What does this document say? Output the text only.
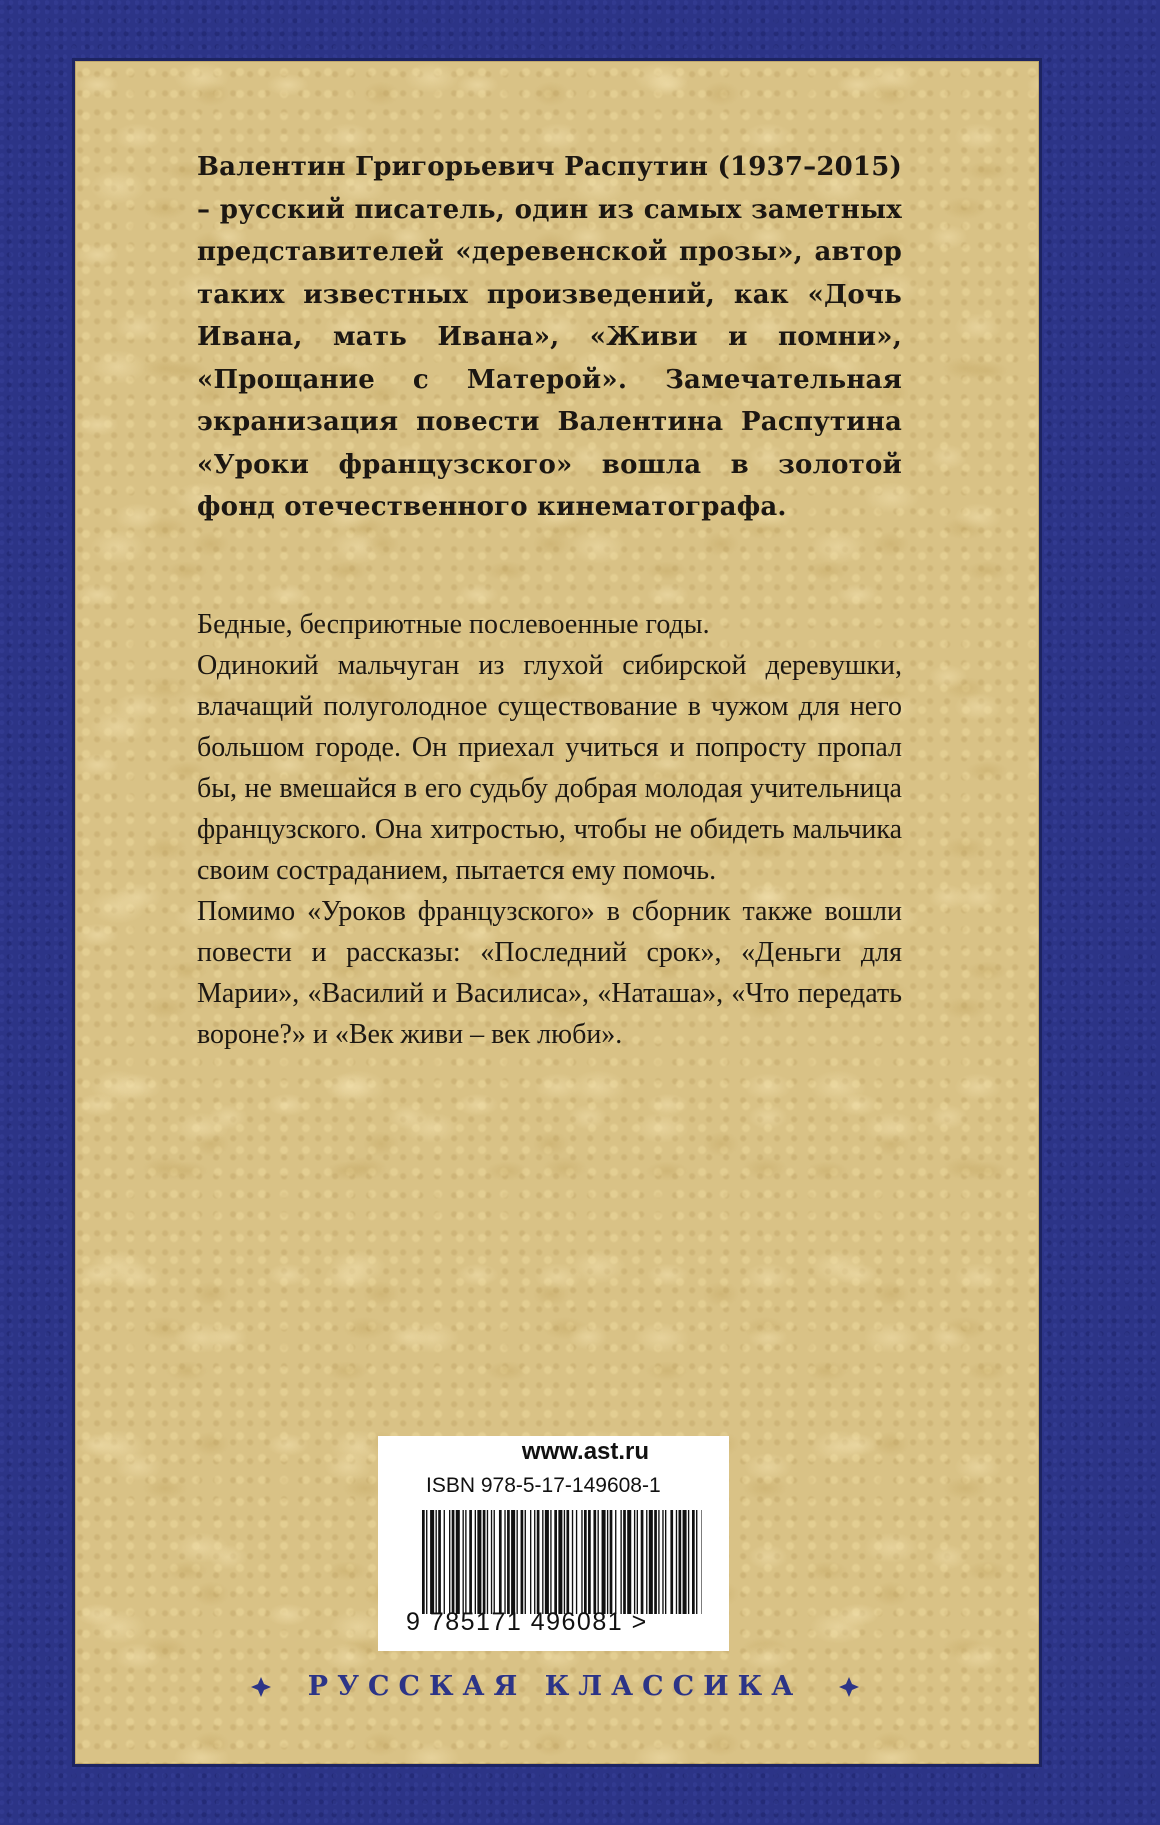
Валентин Григорьевич Распутин (1937–2015) – русский писатель, один из самых заметных представителей «деревенской прозы», автор таких известных произведений, как «Дочь Ивана, мать Ивана», «Живи и помни», «Прощание с Матерой». Замечательная экранизация повести Валентина Распутина «Уроки французского» вошла в золотой фонд отечественного кинематографа.

Бедные, бесприютные послевоенные годы.

Одинокий мальчуган из глухой сибирской деревушки, влачащий полуголодное существование в чужом для него большом городе. Он приехал учиться и попросту пропал бы, не вмешайся в его судьбу добрая молодая учительница французского. Она хитростью, чтобы не обидеть мальчика своим состраданием, пытается ему помочь.

Помимо «Уроков французского» в сборник также вошли повести и рассказы: «Последний срок», «Деньги для Марии», «Василий и Василиса», «Наташа», «Что передать вороне?» и «Век живи – век люби».

www.ast.ru
ISBN 978-5-17-149608-1
9 785171 496081 >
РУССКАЯ КЛАССИКА
